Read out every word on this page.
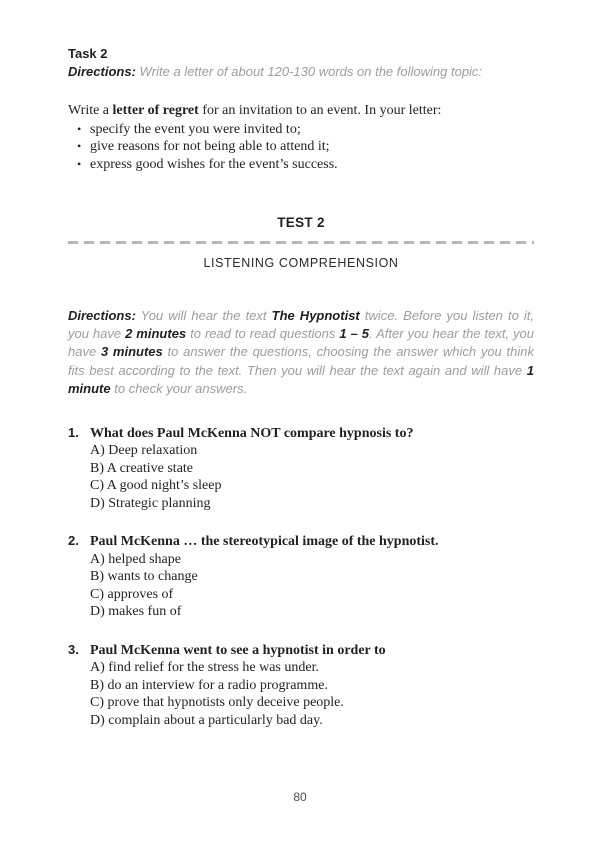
Task 2
Directions: Write a letter of about 120-130 words on the following topic:
Write a letter of regret for an invitation to an event. In your letter:
• specify the event you were invited to;
• give reasons for not being able to attend it;
• express good wishes for the event’s success.
TEST 2
LISTENING COMPREHENSION
Directions: You will hear the text The Hypnotist twice. Before you listen to it, you have 2 minutes to read to read questions 1 – 5. After you hear the text, you have 3 minutes to answer the questions, choosing the answer which you think fits best according to the text. Then you will hear the text again and will have 1 minute to check your answers.
1. What does Paul McKenna NOT compare hypnosis to?
A) Deep relaxation
B) A creative state
C) A good night’s sleep
D) Strategic planning
2. Paul McKenna … the stereotypical image of the hypnotist.
A) helped shape
B) wants to change
C) approves of
D) makes fun of
3. Paul McKenna went to see a hypnotist in order to
A) find relief for the stress he was under.
B) do an interview for a radio programme.
C) prove that hypnotists only deceive people.
D) complain about a particularly bad day.
80
